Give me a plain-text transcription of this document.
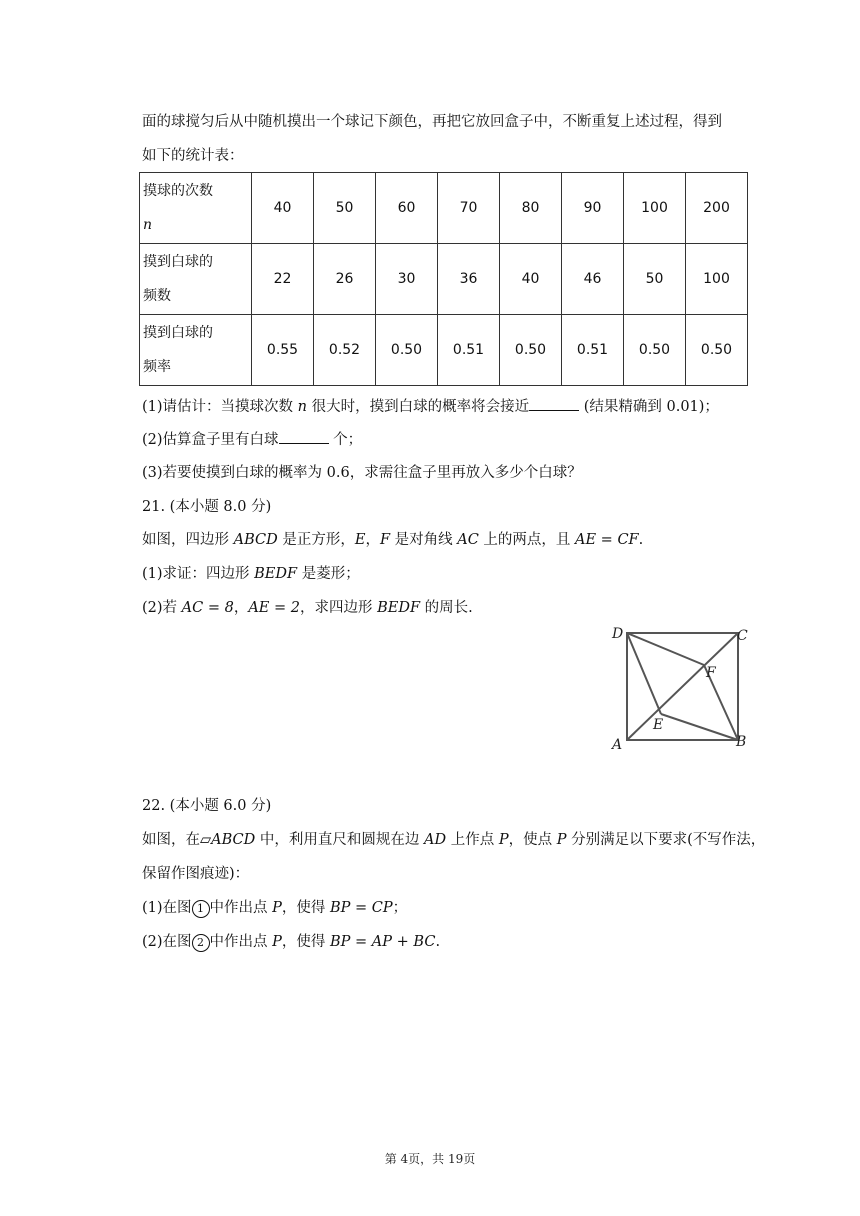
面的球搅匀后从中随机摸出一个球记下颜色，再把它放回盒子中，不断重复上述过程，得到
如下的统计表：
摸球的次数
n	40	50	60	70	80	90	100	200
摸到白球的
频数	22	26	30	36	40	46	50	100
摸到白球的
频率	0.55	0.52	0.50	0.51	0.50	0.51	0.50	0.50
(1)请估计：当摸球次数 n 很大时，摸到白球的概率将会接近	(结果精确到 0.01)；
(2)估算盒子里有白球	个；
(3)若要使摸到白球的概率为 0.6，求需往盒子里再放入多少个白球？
21. (本小题 8.0 分)
如图，四边形 ABCD 是正方形，E，F 是对角线 AC 上的两点，且 AE = CF.
(1)求证：四边形 BEDF 是菱形；
(2)若 AC = 8，AE = 2，求四边形 BEDF 的周长.
D	C
F
E
A	B
22. (本小题 6.0 分)
如图，在▱ABCD 中，利用直尺和圆规在边 AD 上作点 P，使点 P 分别满足以下要求(不写作法，
保留作图痕迹)：
(1)在图 1 中作出点 P，使得 BP = CP；
(2)在图 2 中作出点 P，使得 BP = AP + BC.
第 4页，共 19页
